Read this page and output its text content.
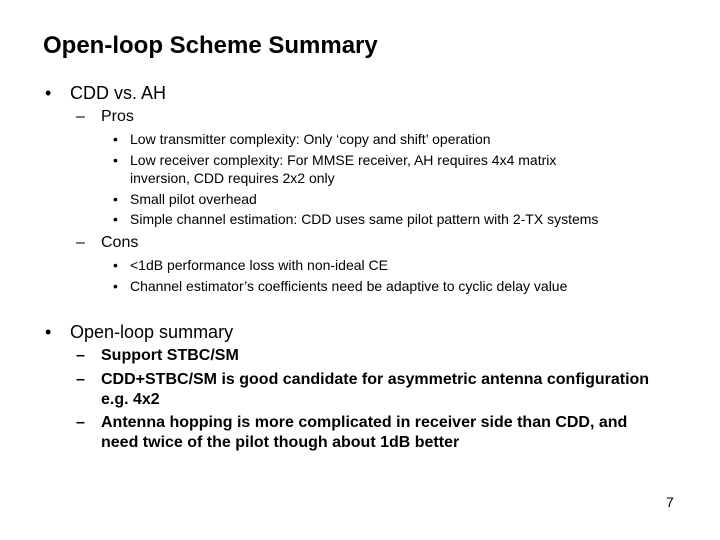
Open-loop Scheme Summary
• CDD vs. AH
– Pros
• Low transmitter complexity: Only ‘copy and shift’ operation
• Low receiver complexity: For MMSE receiver, AH requires 4x4 matrix
inversion, CDD requires 2x2 only
• Small pilot overhead
• Simple channel estimation: CDD uses same pilot pattern with 2-TX systems
– Cons
• <1dB performance loss with non-ideal CE
• Channel estimator’s coefficients need be adaptive to cyclic delay value
• Open-loop summary
– Support STBC/SM
– CDD+STBC/SM is good candidate for asymmetric antenna configuration
e.g. 4x2
– Antenna hopping is more complicated in receiver side than CDD, and
need twice of the pilot though about 1dB better
7
